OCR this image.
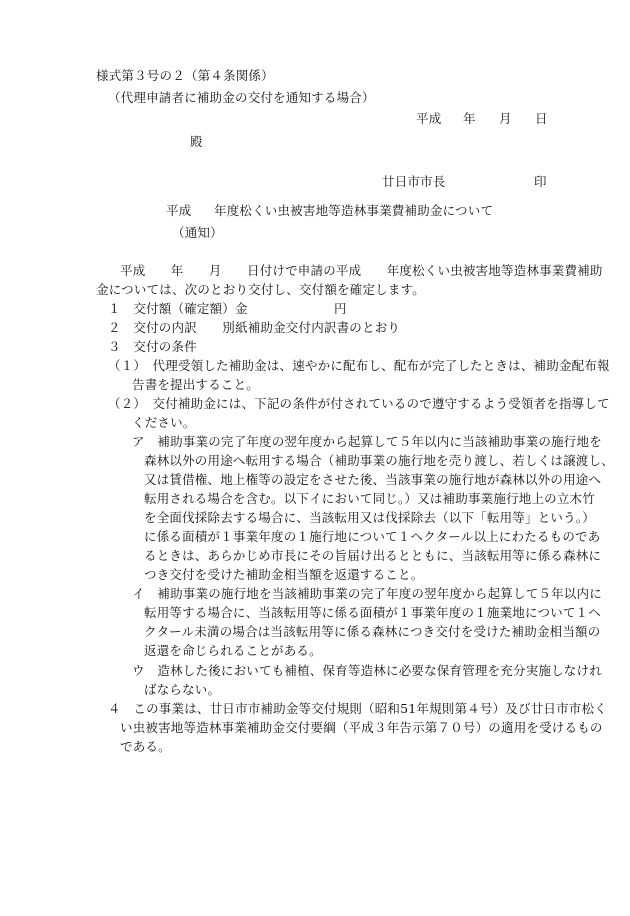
様式第３号の２（第４条関係）
（代理申請者に補助金の交付を通知する場合）
平成 年 月 日
殿
廿日市市長	印
平成 年度松くい虫被害地等造林事業費補助金について
（通知）
平成　　年　　月　　日付けで申請の平成　　年度松くい虫被害地等造林事業費補助
金については、次のとおり交付し、交付額を確定します。
１　交付額（確定額）金	円
２　交付の内訳　　別紙補助金交付内訳書のとおり
３　交付の条件
（１）　代理受領した補助金は、速やかに配布し、配布が完了したときは、補助金配布報
告書を提出すること。
（２）　交付補助金には、下記の条件が付されているので遵守するよう受領者を指導して
ください。
ア　補助事業の完了年度の翌年度から起算して５年以内に当該補助事業の施行地を
森林以外の用途へ転用する場合（補助事業の施行地を売り渡し、若しくは譲渡し、
又は賃借権、地上権等の設定をさせた後、当該事業の施行地が森林以外の用途へ
転用される場合を含む。以下イにおいて同じ。）又は補助事業施行地上の立木竹
を全面伐採除去する場合に、当該転用又は伐採除去（以下「転用等」という。）
に係る面積が１事業年度の１施行地について１ヘクタール以上にわたるものであ
るときは、あらかじめ市長にその旨届け出るとともに、当該転用等に係る森林に
つき交付を受けた補助金相当額を返還すること。
イ　補助事業の施行地を当該補助事業の完了年度の翌年度から起算して５年以内に
転用等する場合に、当該転用等に係る面積が１事業年度の１施業地について１ヘ
クタール未満の場合は当該転用等に係る森林につき交付を受けた補助金相当額の
返還を命じられることがある。
ウ　造林した後においても補植、保育等造林に必要な保育管理を充分実施しなけれ
ばならない。
４　この事業は、廿日市市補助金等交付規則（昭和51年規則第４号）及び廿日市市松く
い虫被害地等造林事業補助金交付要綱（平成３年告示第７０号）の適用を受けるもの
である。
